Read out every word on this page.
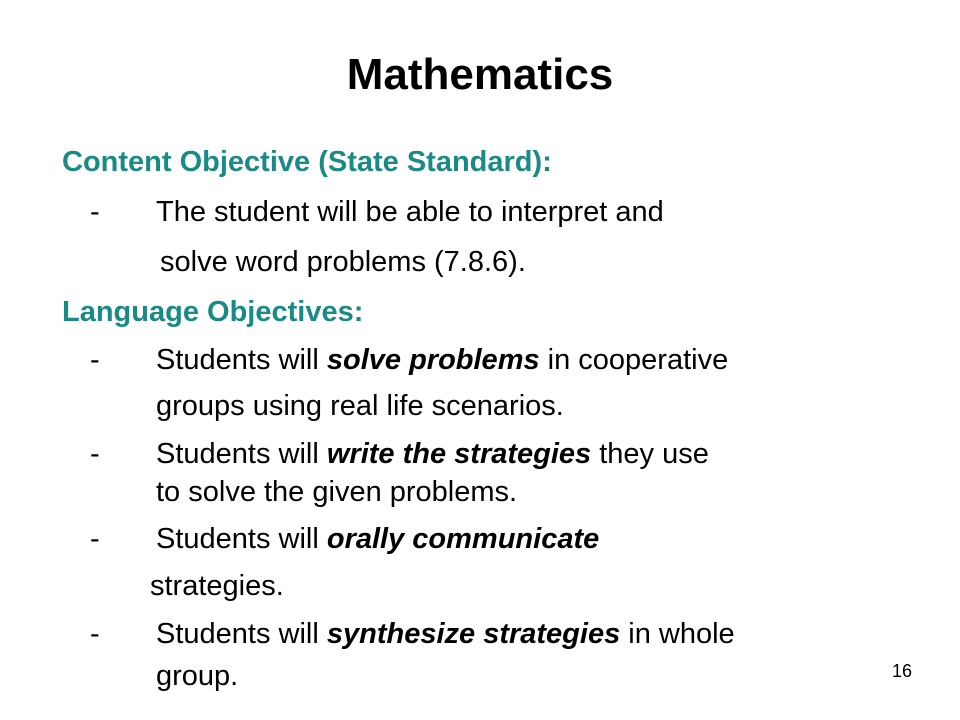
Mathematics
Content Objective (State Standard):
- The student will be able to interpret and
solve word problems (7.8.6).
Language Objectives:
- Students will solve problems in cooperative
groups using real life scenarios.
- Students will write the strategies they use
to solve the given problems.
- Students will orally communicate
strategies.
- Students will synthesize strategies in whole
group.	16
